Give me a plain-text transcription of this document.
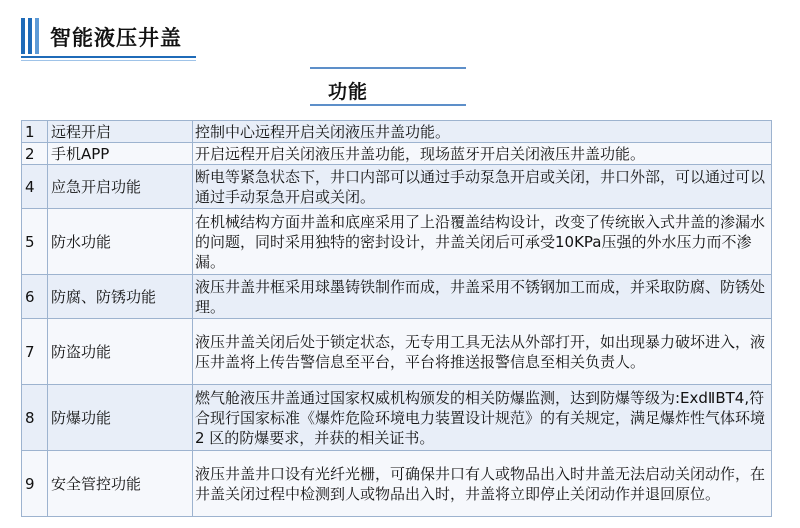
智能液压井盖
功能
1	远程开启	控制中心远程开启关闭液压井盖功能。
2	手机APP	开启远程开启关闭液压井盖功能，现场蓝牙开启关闭液压井盖功能。
4	应急开启功能	断电等紧急状态下，井口内部可以通过手动泵急开启或关闭，井口外部，可以通过可以通过手动泵急开启或关闭。
5	防水功能	在机械结构方面井盖和底座采用了上沿覆盖结构设计，改变了传统嵌入式井盖的渗漏水的问题，同时采用独特的密封设计，井盖关闭后可承受10KPa压强的外水压力而不渗漏。
6	防腐、防锈功能	液压井盖井框采用球墨铸铁制作而成，井盖采用不锈钢加工而成，并采取防腐、防锈处理。
7	防盗功能	液压井盖关闭后处于锁定状态，无专用工具无法从外部打开，如出现暴力破坏进入，液压井盖将上传告警信息至平台，平台将推送报警信息至相关负责人。
8	防爆功能	燃气舱液压井盖通过国家权威机构颁发的相关防爆监测，达到防爆等级为:ExdⅡBT4,符合现行国家标准《爆炸危险环境电力装置设计规范》的有关规定，满足爆炸性气体环境 2 区的防爆要求，并获的相关证书。
9	安全管控功能	液压井盖井口设有光纤光栅，可确保井口有人或物品出入时井盖无法启动关闭动作，在井盖关闭过程中检测到人或物品出入时，井盖将立即停止关闭动作并退回原位。
